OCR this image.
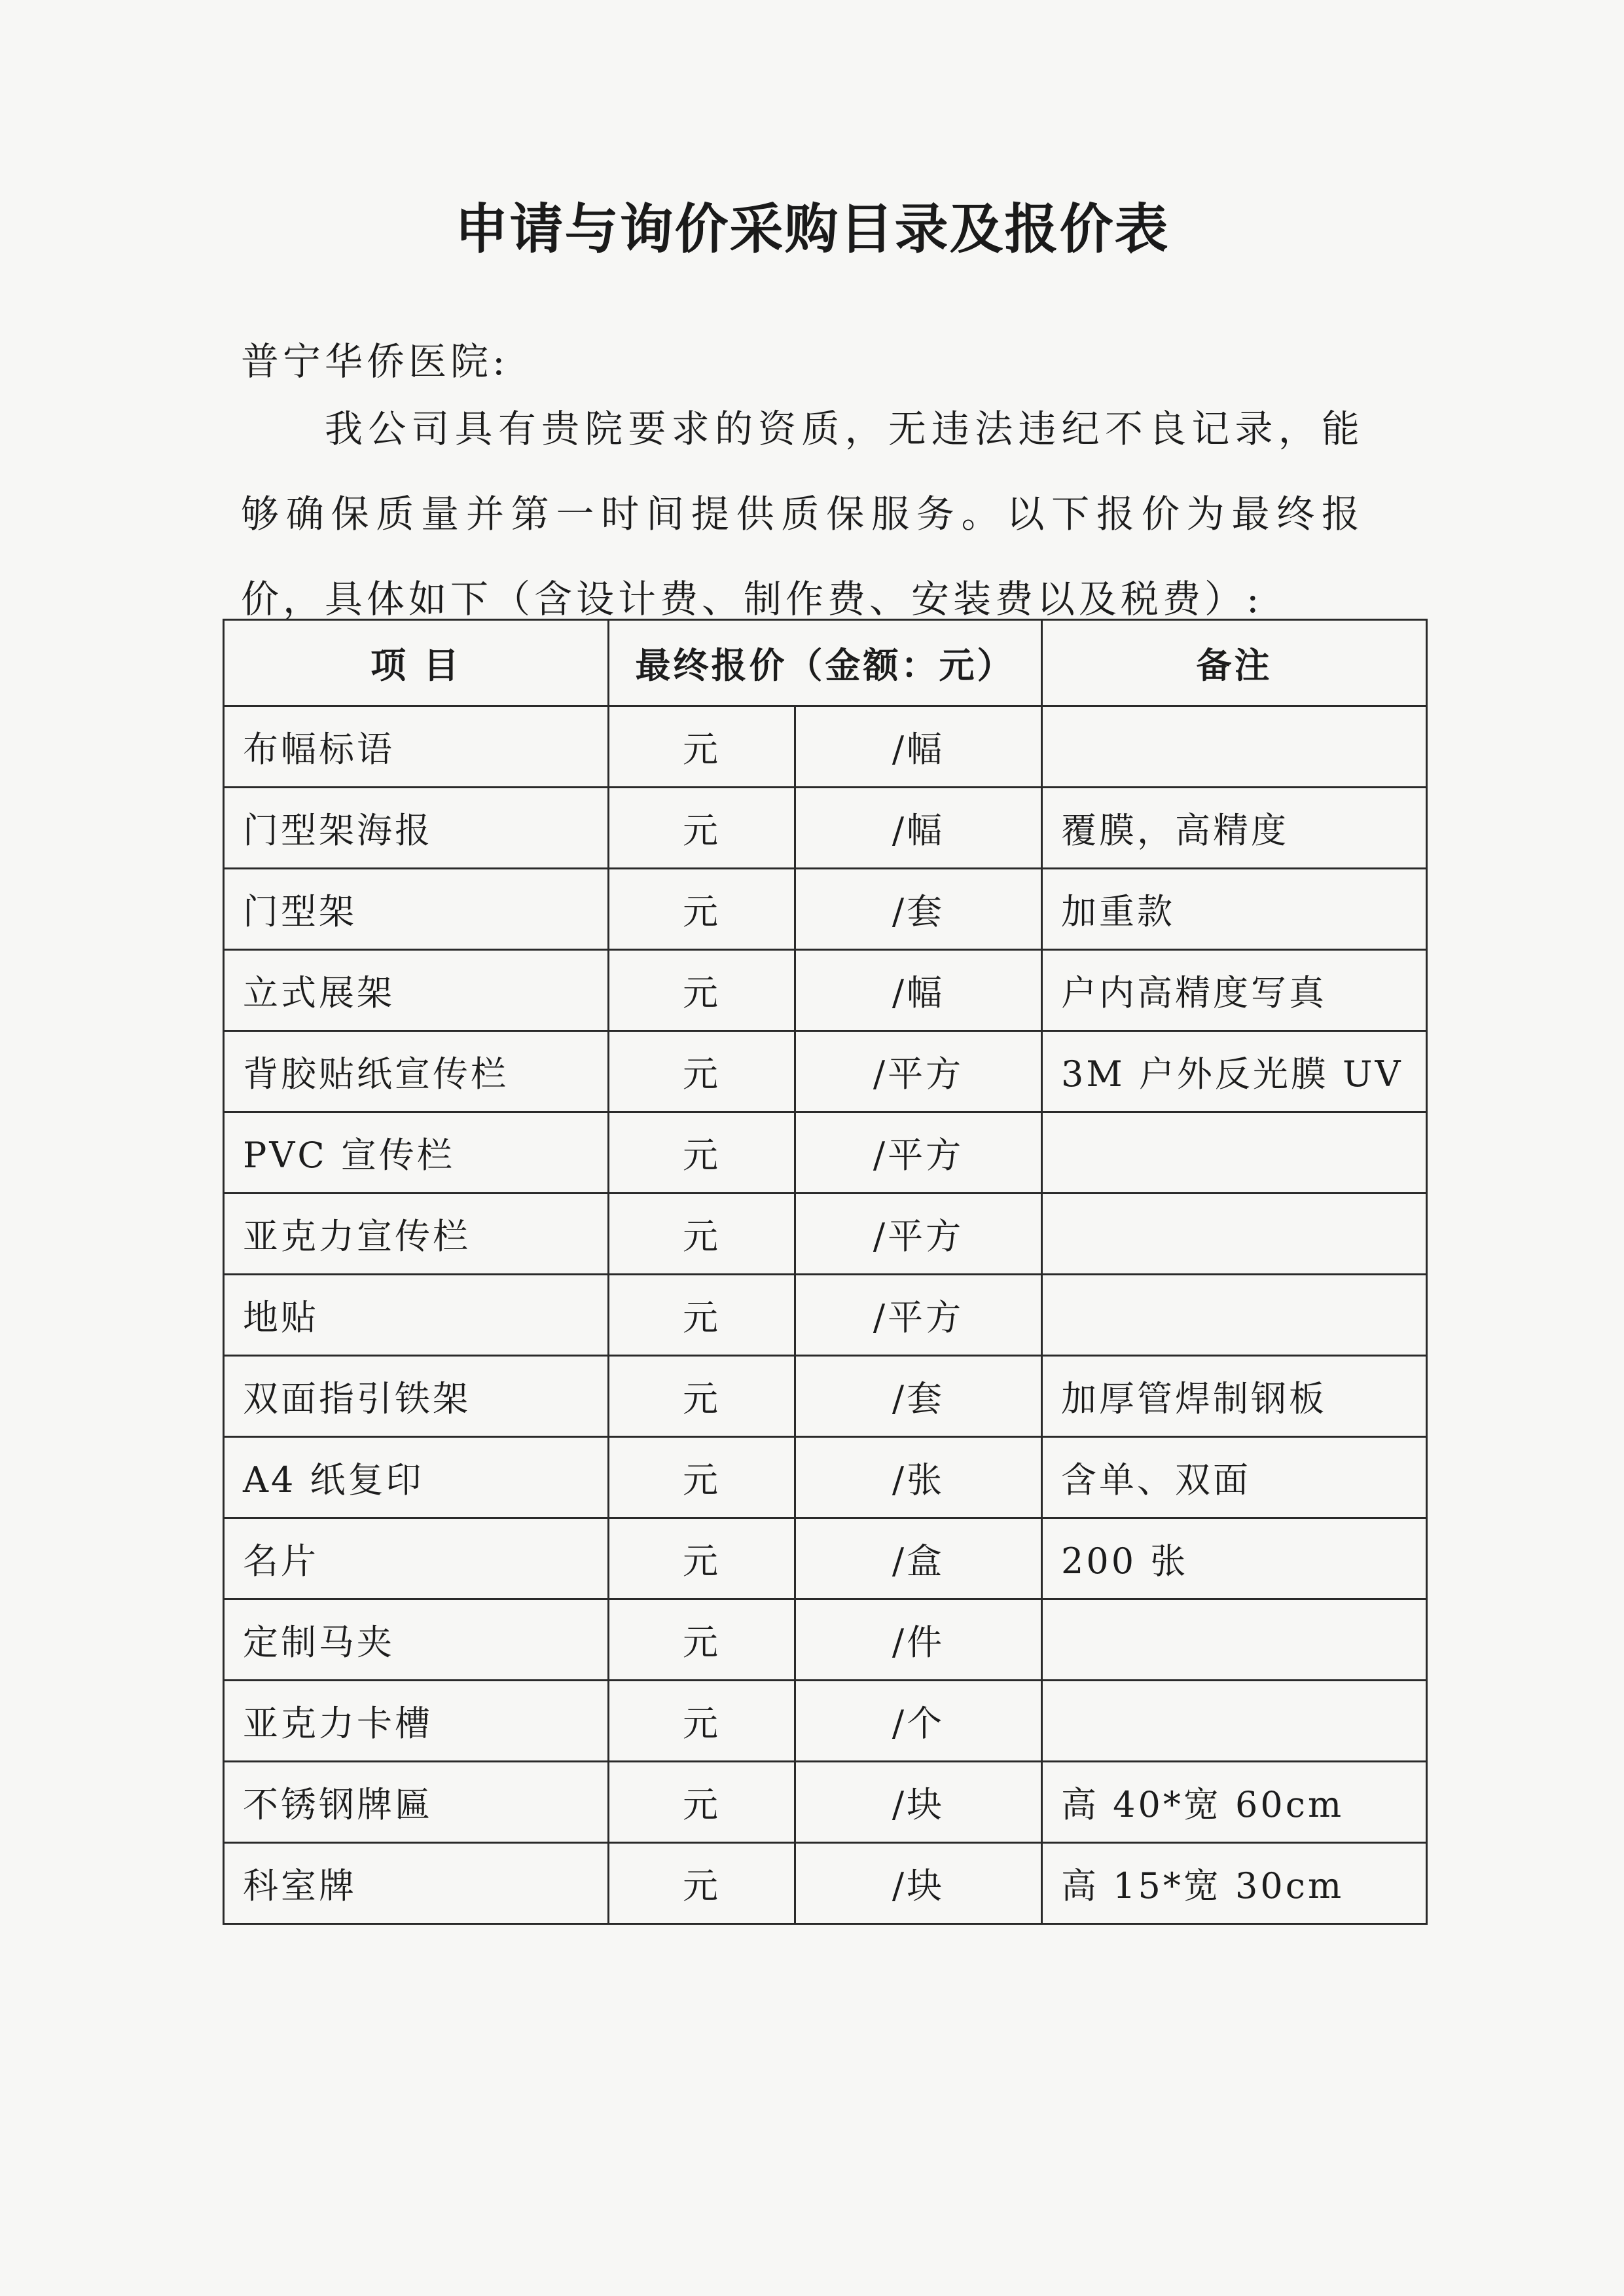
申请与询价采购目录及报价表
普宁华侨医院:

我公司具有贵院要求的资质，无违法违纪不良记录，能够确保质量并第一时间提供质保服务。以下报价为最终报价，具体如下（含设计费、制作费、安装费以及税费）:

项 目	最终报价（金额：元）		备注
布幅标语	元	/幅	
门型架海报	元	/幅	覆膜，高精度
门型架	元	/套	加重款
立式展架	元	/幅	户内高精度写真
背胶贴纸宣传栏	元	/平方	3M 户外反光膜 UV
PVC 宣传栏	元	/平方	
亚克力宣传栏	元	/平方	
地贴	元	/平方	
双面指引铁架	元	/套	加厚管焊制钢板
A4 纸复印	元	/张	含单、双面
名片	元	/盒	200 张
定制马夹	元	/件	
亚克力卡槽	元	/个	
不锈钢牌匾	元	/块	高 40*宽 60cm
科室牌	元	/块	高 15*宽 30cm
